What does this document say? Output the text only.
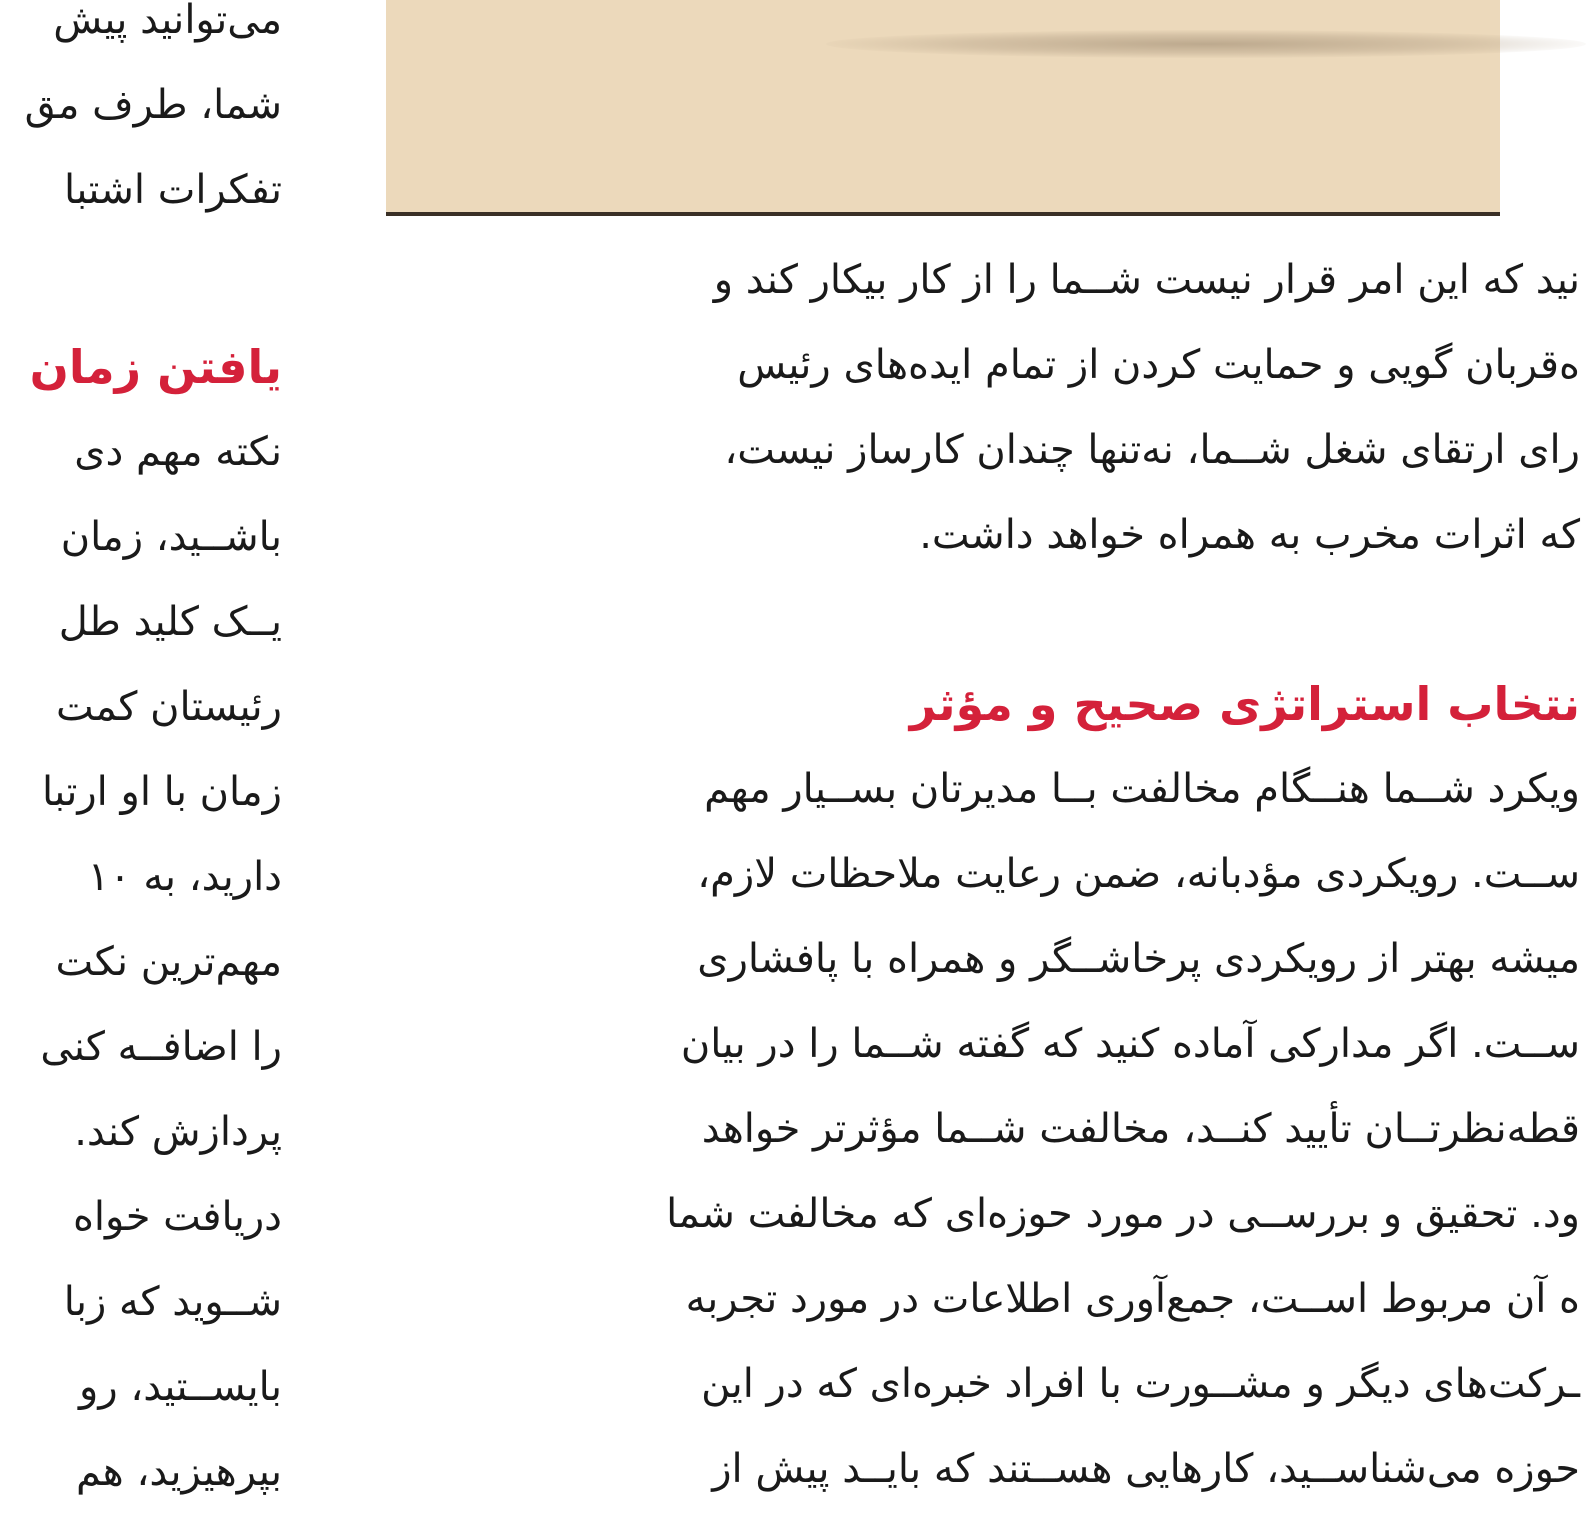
می‌توانید پیش
شما، طرف مق
تفکرات اشتبا
یافتن زمان
نکته مهم دی
باشــید، زمان
یــک کلید طل
رئیستان کمت
زمان با او ارتبا
دارید، به ۱۰
مهم‌ترین نکت
را اضافــه کنی
پردازش کند.
دریافت خواه
شــوید که زبا
بایســتید، رو
بپرهیزید، هم
نید که این امر قرار نیست شــما را از کار بیکار کند و
ه‌قربان گویی و حمایت کردن از تمام ایده‌های رئیس
رای ارتقای شغل شــما، نه‌تنها چندان کارساز نیست،
که اثرات مخرب به همراه خواهد داشت.
نتخاب استراتژی صحیح و مؤثر
ویکرد شــما هنــگام مخالفت بــا مدیرتان بســیار مهم
ســت. رویکردی مؤدبانه، ضمن رعایت ملاحظات لازم،
میشه بهتر از رویکردی پرخاشــگر و همراه با پافشاری
ســت. اگر مدارکی آماده کنید که گفته شــما را در بیان
قطه‌نظرتــان تأیید کنــد، مخالفت شــما مؤثرتر خواهد
ود. تحقیق و بررســی در مورد حوزه‌ای که مخالفت شما
ه آن مربوط اســت، جمع‌آوری اطلاعات در مورد تجربه
ـرکت‌های دیگر و مشــورت با افراد خبره‌ای که در این
حوزه می‌شناســید، کارهایی هســتند که بایــد پیش از
